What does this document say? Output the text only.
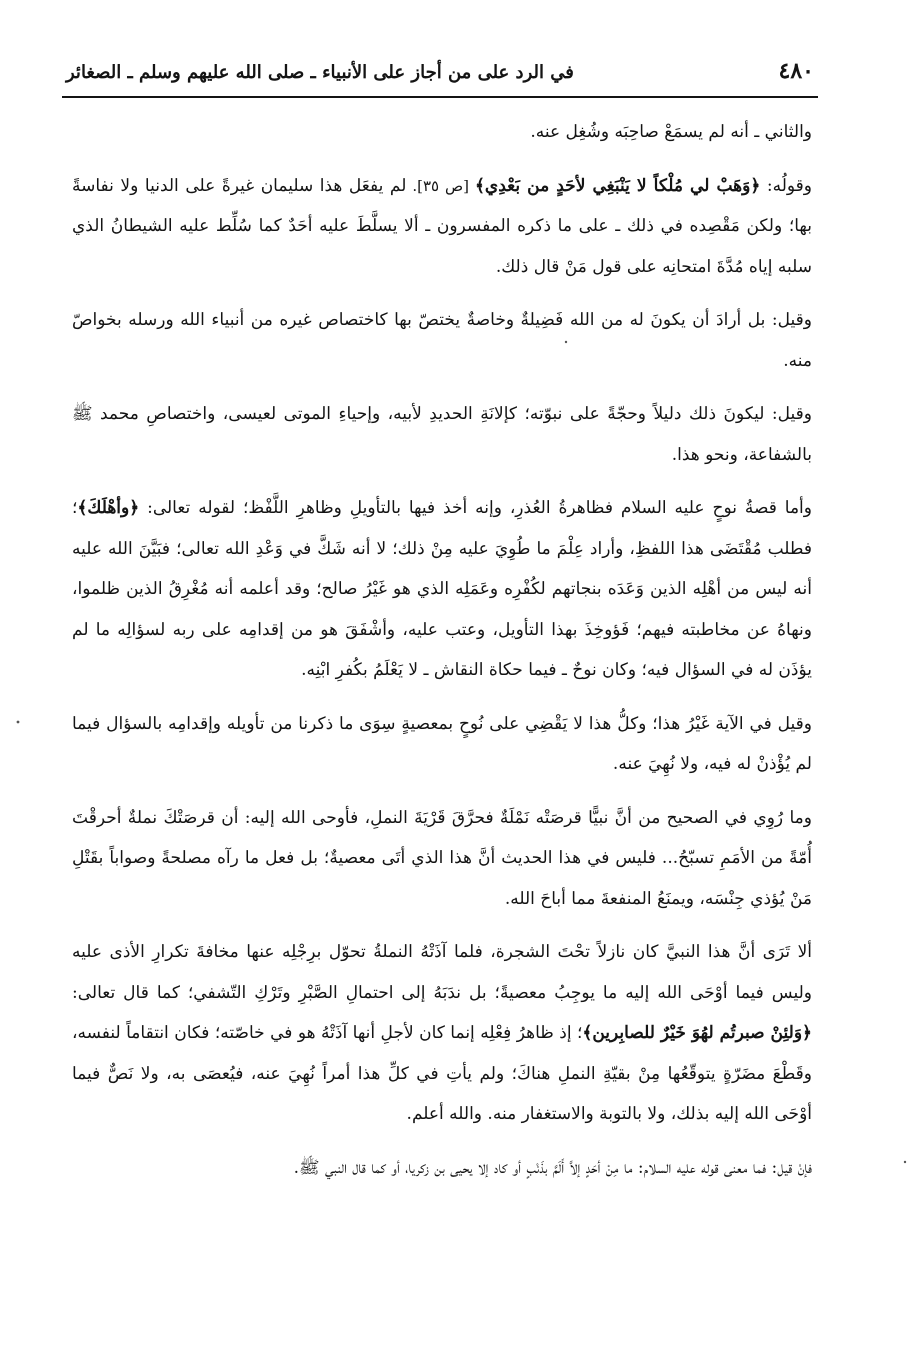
٤٨٠
في الرد على من أجاز على الأنبياء ـ صلى الله عليهم وسلم ـ الصغائر

والثاني ـ أنه لم يسمَعْ صاحِبَه وشُغِل عنه.

وقولُه: ﴿وَهَبْ لي مُلْكاً لا يَنْبَغِي لأحَدٍ من بَعْدِي﴾ [ص ٣٥]. لم يفعَل هذا سليمان غيرةً على الدنيا ولا نفاسةً بها؛ ولكن مَقْصِده في ذلك ـ على ما ذكره المفسرون ـ ألا يسلَّطَ عليه أحَدٌ كما سُلِّط عليه الشيطانُ الذي سلبه إياه مُدَّةَ امتحانِه على قول مَنْ قال ذلك.

وقيل: بل أرادَ أن يكونَ له من الله فَضِيلةٌ وخاصةٌ يختصّ بها كاختصاص غيره من أنبياء الله ورسله بخواصّ منه.

وقيل: ليكونَ ذلك دليلاً وحجّةً على نبوّته؛ كإلانَةِ الحديدِ لأبيه، وإحياءِ الموتى لعيسى، واختصاصِ محمد ﷺ بالشفاعة، ونحو هذا.

وأما قصةُ نوحٍ عليه السلام فظاهرةُ العُذرِ، وإنه أخذ فيها بالتأويلِ وظاهرِ اللَّفْظ؛ لقوله تعالى: ﴿وأهْلَكَ﴾؛ فطلب مُقْتَضَى هذا اللفظِ، وأراد عِلْمَ ما طُوِيَ عليه مِنْ ذلك؛ لا أنه شَكَّ في وَعْدِ الله تعالى؛ فبَيَّنَ الله عليه أنه ليس من أهْلِه الذين وَعَدَه بنجاتهم لكُفْرِه وعَمَلِه الذي هو غَيْرُ صالح؛ وقد أعلمه أنه مُغْرِقُ الذين ظلموا، ونهاهُ عن مخاطبته فيهم؛ فَؤوخِذَ بهذا التأويل، وعتب عليه، وأشْفَقَ هو من إقدامِه على ربه لسؤالِه ما لم يؤذَن له في السؤال فيه؛ وكان نوحٌ ـ فيما حكاة النقاش ـ لا يَعْلَمُ بكُفرِ ابْنِه.

وقيل في الآية غَيْرُ هذا؛ وكلُّ هذا لا يَقْضِي على نُوحٍ بمعصيةٍ سِوَى ما ذكرنا من تأويله وإقدامِه بالسؤال فيما لم يُؤْذنْ له فيه، ولا نُهِيَ عنه.

وما رُوِي في الصحيح من أنَّ نبيًّا قرصَتْه نَمْلَةٌ فحرَّقَ قَرْيَةَ النملِ، فأوحى الله إليه: أن قرصَتْكَ نملةٌ أحرقْتَ أُمّةً من الأمَمِ تسبّحُ... فليس في هذا الحديث أنَّ هذا الذي أتَى معصيةٌ؛ بل فعل ما رآه مصلحةً وصواباً بقَتْلِ مَنْ يُؤذي جِنْسَه، ويمنَعُ المنفعةَ مما أباحَ الله.

ألا تَرَى أنَّ هذا النبيَّ كان نازلاً تحْتَ الشجرة، فلما آذَتْهُ النملةُ تحوّل برِجْلِه عنها مخافةَ تكرارِ الأذى عليه وليس فيما أوْحَى الله إليه ما يوجِبُ معصيةً؛ بل ندَبَهُ إلى احتمالِ الصَّبْرِ وتَرْكِ التّشفي؛ كما قال تعالى: ﴿وَلئِنْ صبرتُم لهُوَ خَيْرٌ للصابِرين﴾؛ إذ ظاهرُ فِعْلِه إنما كان لأجلِ أنها آذَتْهُ هو في خاصّته؛ فكان انتقاماً لنفسه، وقَطْعَ مضَرّةٍ يتوقّعُها مِنْ بقيّةِ النملِ هناكَ؛ ولم يأتِ في كلِّ هذا أمراً نُهِيَ عنه، فيُعصَى به، ولا نَصٌّ فيما أوْحَى الله إليه بذلك، ولا بالتوبة والاستغفار منه. والله أعلم.

فإنْ قيل: فما معنى قوله عليه السلام: ما مِنْ أحَدٍ إلاَّ أَلَمَّ بذَنْبٍ أو كاد إلا يحيى بن زكريا، أو كما قال النبي ﷺ.
